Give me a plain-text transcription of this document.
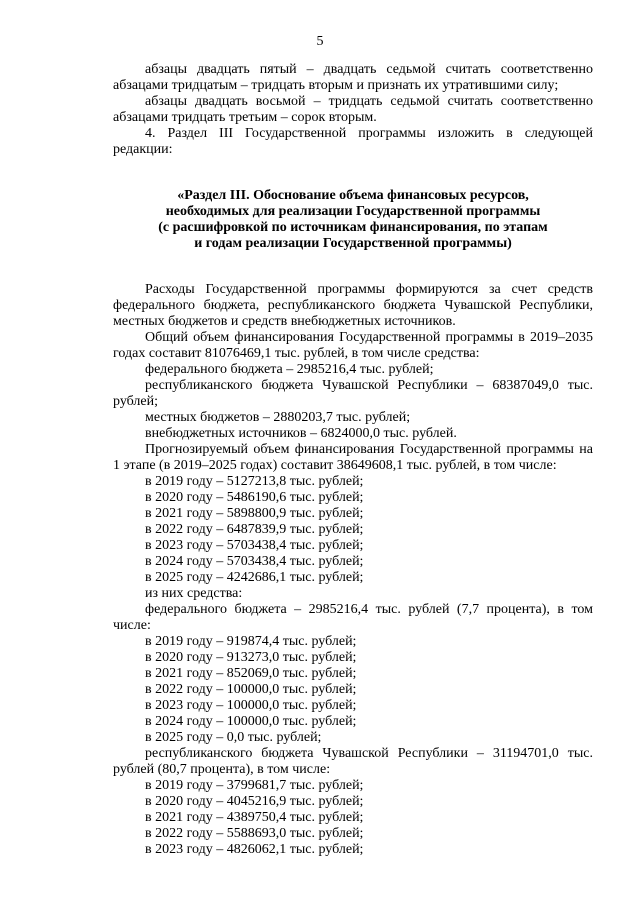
5

абзацы двадцать пятый – двадцать седьмой считать соответственно абзацами тридцатым – тридцать вторым и признать их утратившими силу;

абзацы двадцать восьмой – тридцать седьмой считать соответственно абзацами тридцать третьим – сорок вторым.

4. Раздел III Государственной программы изложить в следующей редакции:

«Раздел III. Обоснование объема финансовых ресурсов,
необходимых для реализации Государственной программы
(с расшифровкой по источникам финансирования, по этапам
и годам реализации Государственной программы)

Расходы Государственной программы формируются за счет средств федерального бюджета, республиканского бюджета Чувашской Республики, местных бюджетов и средств внебюджетных источников.

Общий объем финансирования Государственной программы в 2019–2035 годах составит 81076469,1 тыс. рублей, в том числе средства:

федерального бюджета – 2985216,4 тыс. рублей;

республиканского бюджета Чувашской Республики – 68387049,0 тыс. рублей;

местных бюджетов – 2880203,7 тыс. рублей;

внебюджетных источников – 6824000,0 тыс. рублей.

Прогнозируемый объем финансирования Государственной программы на 1 этапе (в 2019–2025 годах) составит 38649608,1 тыс. рублей, в том числе:

в 2019 году – 5127213,8 тыс. рублей;

в 2020 году – 5486190,6 тыс. рублей;

в 2021 году – 5898800,9 тыс. рублей;

в 2022 году – 6487839,9 тыс. рублей;

в 2023 году – 5703438,4 тыс. рублей;

в 2024 году – 5703438,4 тыс. рублей;

в 2025 году – 4242686,1 тыс. рублей;

из них средства:

федерального бюджета – 2985216,4 тыс. рублей (7,7 процента), в том числе:

в 2019 году – 919874,4 тыс. рублей;

в 2020 году – 913273,0 тыс. рублей;

в 2021 году – 852069,0 тыс. рублей;

в 2022 году – 100000,0 тыс. рублей;

в 2023 году – 100000,0 тыс. рублей;

в 2024 году – 100000,0 тыс. рублей;

в 2025 году – 0,0 тыс. рублей;

республиканского бюджета Чувашской Республики – 31194701,0 тыс. рублей (80,7 процента), в том числе:

в 2019 году – 3799681,7 тыс. рублей;

в 2020 году – 4045216,9 тыс. рублей;

в 2021 году – 4389750,4 тыс. рублей;

в 2022 году – 5588693,0 тыс. рублей;

в 2023 году – 4826062,1 тыс. рублей;
